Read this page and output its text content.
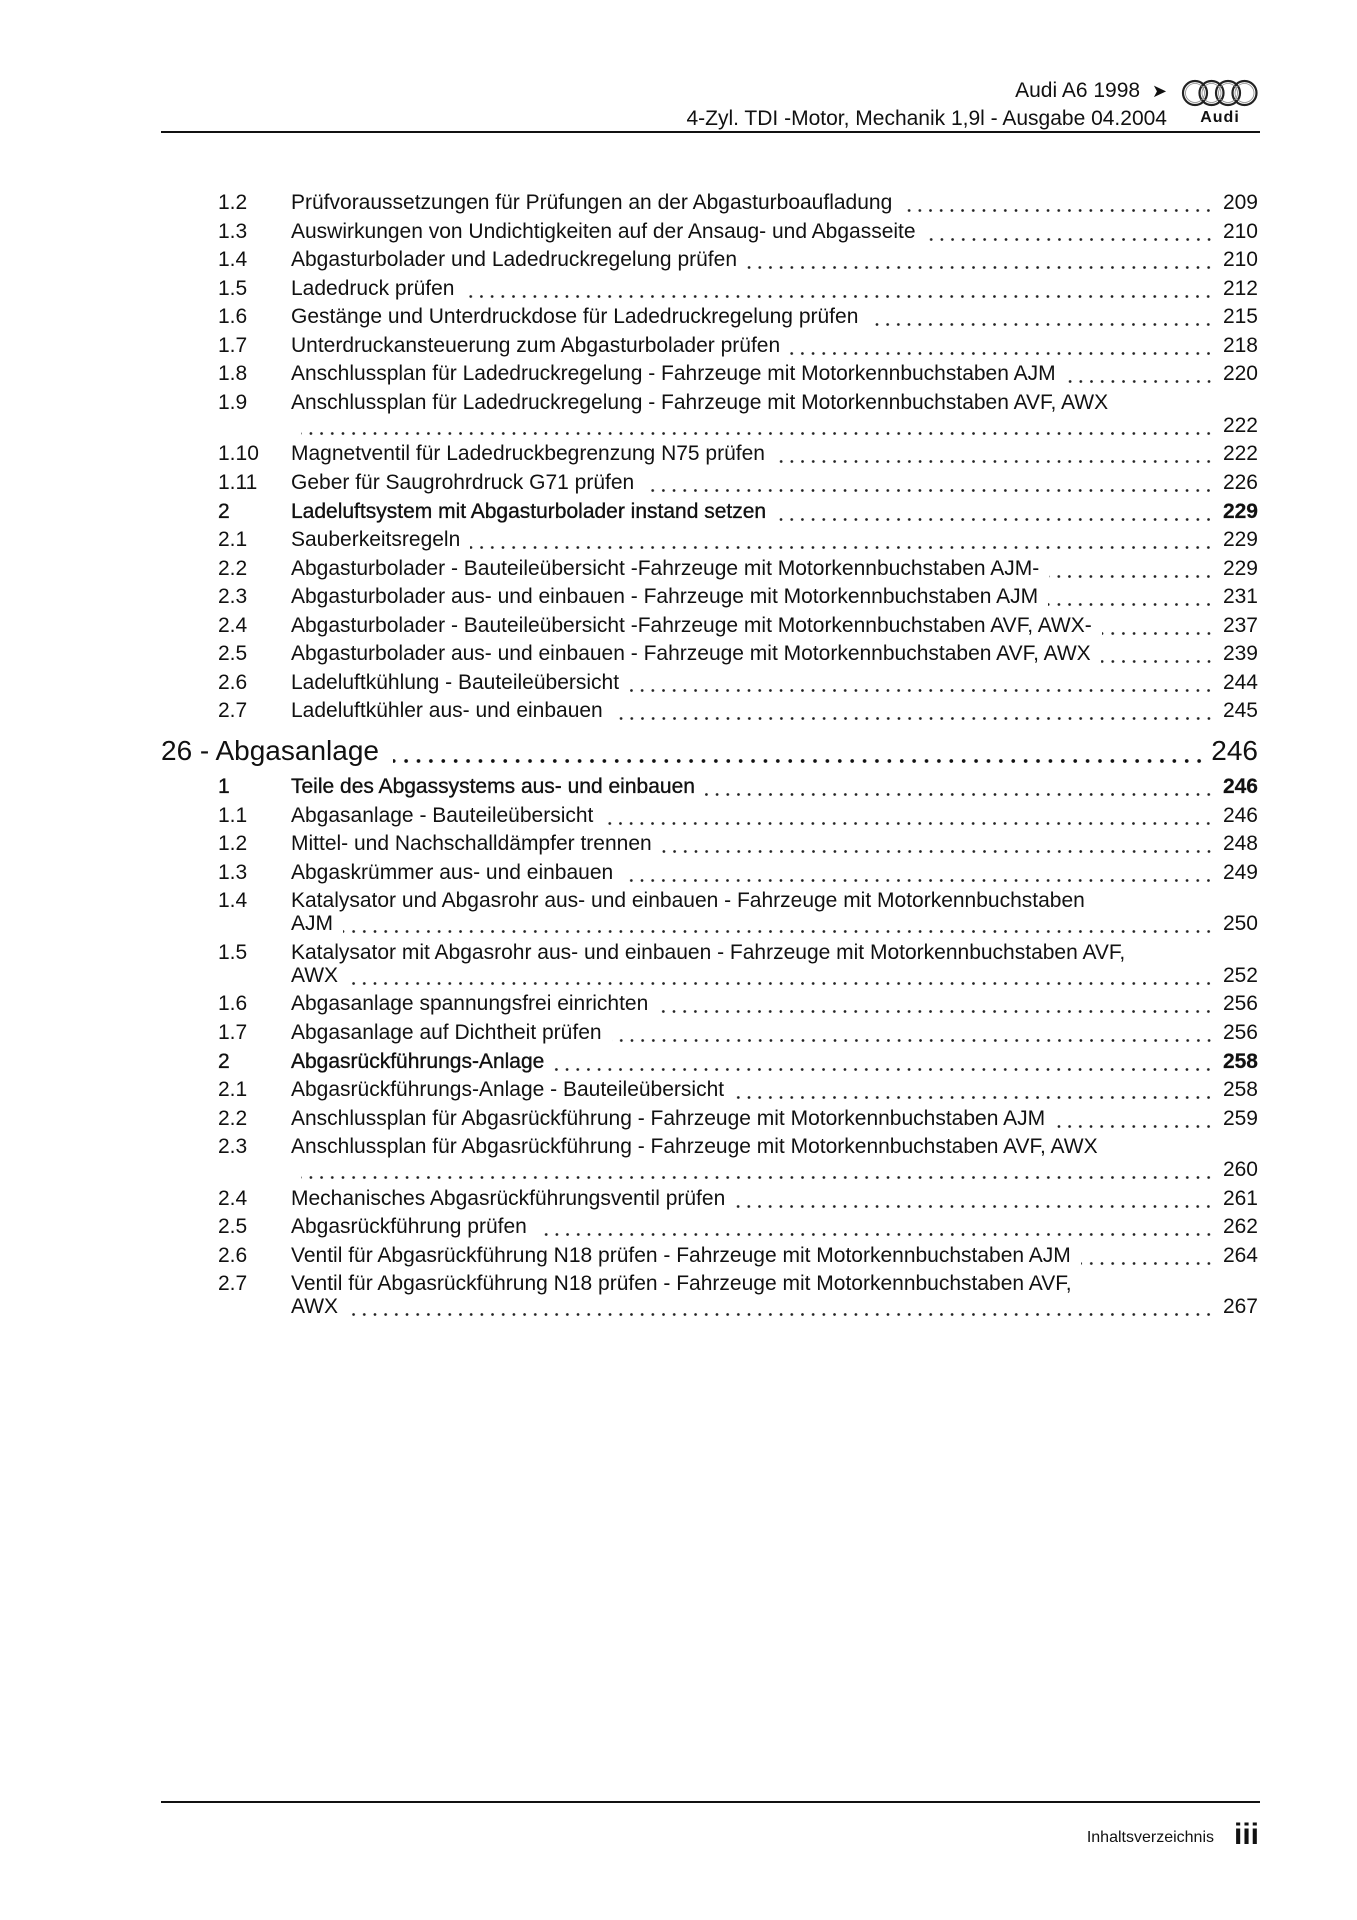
Audi A6 1998 ➤
4-Zyl. TDI -Motor, Mechanik 1,9l - Ausgabe 04.2004	Audi
1.2 Prüfvoraussetzungen für Prüfungen an der Abgasturboaufladung	209
1.3 Auswirkungen von Undichtigkeiten auf der Ansaug- und Abgasseite	210
1.4 Abgasturbolader und Ladedruckregelung prüfen	210
1.5 Ladedruck prüfen	212
1.6 Gestänge und Unterdruckdose für Ladedruckregelung prüfen	215
1.7 Unterdruckansteuerung zum Abgasturbolader prüfen	218
1.8 Anschlussplan für Ladedruckregelung - Fahrzeuge mit Motorkennbuchstaben AJM	220
1.9 Anschlussplan für Ladedruckregelung - Fahrzeuge mit Motorkennbuchstaben AVF, AWX
222
1.10 Magnetventil für Ladedruckbegrenzung N75 prüfen	222
1.11 Geber für Saugrohrdruck G71 prüfen	226
2	Ladeluftsystem mit Abgasturbolader instand setzen	229
2.1 Sauberkeitsregeln	229
2.2 Abgasturbolader - Bauteileübersicht -Fahrzeuge mit Motorkennbuchstaben AJM-	229
2.3 Abgasturbolader aus- und einbauen - Fahrzeuge mit Motorkennbuchstaben AJM	231
2.4 Abgasturbolader - Bauteileübersicht -Fahrzeuge mit Motorkennbuchstaben AVF, AWX-	237
2.5 Abgasturbolader aus- und einbauen - Fahrzeuge mit Motorkennbuchstaben AVF, AWX	239
2.6 Ladeluftkühlung - Bauteileübersicht	244
2.7 Ladeluftkühler aus- und einbauen	245
26 - Abgasanlage	246
1	Teile des Abgassystems aus- und einbauen	246
1.1 Abgasanlage - Bauteileübersicht	246
1.2 Mittel- und Nachschalldämpfer trennen	248
1.3 Abgaskrümmer aus- und einbauen	249
1.4 Katalysator und Abgasrohr aus- und einbauen - Fahrzeuge mit Motorkennbuchstaben
AJM	250
1.5 Katalysator mit Abgasrohr aus- und einbauen - Fahrzeuge mit Motorkennbuchstaben AVF,
AWX	252
1.6 Abgasanlage spannungsfrei einrichten	256
1.7 Abgasanlage auf Dichtheit prüfen	256
2	Abgasrückführungs-Anlage	258
2.1 Abgasrückführungs-Anlage - Bauteileübersicht	258
2.2 Anschlussplan für Abgasrückführung - Fahrzeuge mit Motorkennbuchstaben AJM	259
2.3 Anschlussplan für Abgasrückführung - Fahrzeuge mit Motorkennbuchstaben AVF, AWX
260
2.4 Mechanisches Abgasrückführungsventil prüfen	261
2.5 Abgasrückführung prüfen	262
2.6 Ventil für Abgasrückführung N18 prüfen - Fahrzeuge mit Motorkennbuchstaben AJM	264
2.7 Ventil für Abgasrückführung N18 prüfen - Fahrzeuge mit Motorkennbuchstaben AVF,
AWX	267
Inhaltsverzeichnis iii
